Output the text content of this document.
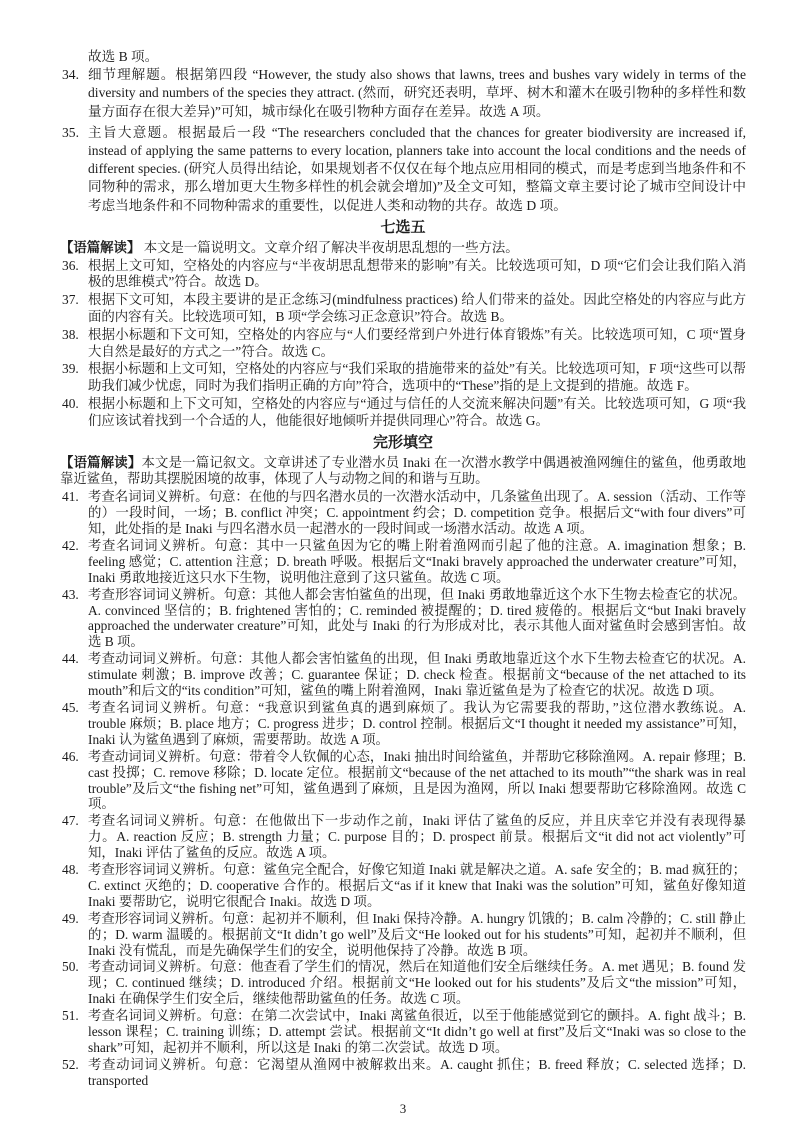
故选 B 项。

34. 细节理解题。根据第四段 “However, the study also shows that lawns, trees and bushes vary widely in terms of the diversity and numbers of the species they attract. (然而，研究还表明，草坪、树木和灌木在吸引物种的多样性和数量方面存在很大差异)”可知，城市绿化在吸引物种方面存在差异。故选 A 项。
35. 主旨大意题。根据最后一段 “The researchers concluded that the chances for greater biodiversity are increased if, instead of applying the same patterns to every location, planners take into account the local conditions and the needs of different species. (研究人员得出结论，如果规划者不仅仅在每个地点应用相同的模式，而是考虑到当地条件和不同物种的需求，那么增加更大生物多样性的机会就会增加)”及全文可知，整篇文章主要讨论了城市空间设计中考虑当地条件和不同物种需求的重要性，以促进人类和动物的共存。故选 D 项。
七选五

【语篇解读】 本文是一篇说明文。文章介绍了解决半夜胡思乱想的一些方法。

36. 根据上文可知，空格处的内容应与“半夜胡思乱想带来的影响”有关。比较选项可知，D 项“它们会让我们陷入消极的思维模式”符合。故选 D。
37. 根据下文可知，本段主要讲的是正念练习(mindfulness practices) 给人们带来的益处。因此空格处的内容应与此方面的内容有关。比较选项可知，B 项“学会练习正念意识”符合。故选 B。
38. 根据小标题和下文可知，空格处的内容应与“人们要经常到户外进行体育锻炼”有关。比较选项可知，C 项“置身大自然是最好的方式之一”符合。故选 C。
39. 根据小标题和上文可知，空格处的内容应与“我们采取的措施带来的益处”有关。比较选项可知，F 项“这些可以帮助我们减少忧虑，同时为我们指明正确的方向”符合，选项中的“These”指的是上文提到的措施。故选 F。
40. 根据小标题和上下文可知，空格处的内容应与“通过与信任的人交流来解决问题”有关。比较选项可知，G 项“我们应该试着找到一个合适的人，他能很好地倾听并提供同理心”符合。故选 G。
完形填空

【语篇解读】本文是一篇记叙文。文章讲述了专业潜水员 Inaki 在一次潜水教学中偶遇被渔网缠住的鲨鱼，他勇敢地靠近鲨鱼，帮助其摆脱困境的故事，体现了人与动物之间的和谐与互助。

41. 考查名词词义辨析。句意：在他的与四名潜水员的一次潜水活动中，几条鲨鱼出现了。A. session（活动、工作等的）一段时间，一场；B. conflict 冲突；C. appointment 约会；D. competition 竞争。根据后文“with four divers”可知，此处指的是 Inaki 与四名潜水员一起潜水的一段时间或一场潜水活动。故选 A 项。
42. 考查名词词义辨析。句意：其中一只鲨鱼因为它的嘴上附着渔网而引起了他的注意。A. imagination 想象；B. feeling 感觉；C. attention 注意；D. breath 呼吸。根据后文“Inaki bravely approached the underwater creature”可知，Inaki 勇敢地接近这只水下生物，说明他注意到了这只鲨鱼。故选 C 项。
43. 考查形容词词义辨析。句意：其他人都会害怕鲨鱼的出现，但 Inaki 勇敢地靠近这个水下生物去检查它的状况。A. convinced 坚信的；B. frightened 害怕的；C. reminded 被提醒的；D. tired 疲倦的。根据后文“but Inaki bravely approached the underwater creature”可知，此处与 Inaki 的行为形成对比，表示其他人面对鲨鱼时会感到害怕。故选 B 项。
44. 考查动词词义辨析。句意：其他人都会害怕鲨鱼的出现，但 Inaki 勇敢地靠近这个水下生物去检查它的状况。A. stimulate 刺激；B. improve 改善；C. guarantee 保证；D. check 检查。根据前文“because of the net attached to its mouth”和后文的“its condition”可知，鲨鱼的嘴上附着渔网，Inaki 靠近鲨鱼是为了检查它的状况。故选 D 项。
45. 考查名词词义辨析。句意：“我意识到鲨鱼真的遇到麻烦了。我认为它需要我的帮助，”这位潜水教练说。A. trouble 麻烦；B. place 地方；C. progress 进步；D. control 控制。根据后文“I thought it needed my assistance”可知，Inaki 认为鲨鱼遇到了麻烦，需要帮助。故选 A 项。
46. 考查动词词义辨析。句意：带着令人钦佩的心态，Inaki 抽出时间给鲨鱼，并帮助它移除渔网。A. repair 修理；B. cast 投掷；C. remove 移除；D. locate 定位。根据前文“because of the net attached to its mouth”“the shark was in real trouble”及后文“the fishing net”可知，鲨鱼遇到了麻烦，且是因为渔网，所以 Inaki 想要帮助它移除渔网。故选 C 项。
47. 考查名词词义辨析。句意：在他做出下一步动作之前，Inaki 评估了鲨鱼的反应，并且庆幸它并没有表现得暴力。A. reaction 反应；B. strength 力量；C. purpose 目的；D. prospect 前景。根据后文“it did not act violently”可知，Inaki 评估了鲨鱼的反应。故选 A 项。
48. 考查形容词词义辨析。句意：鲨鱼完全配合，好像它知道 Inaki 就是解决之道。A. safe 安全的；B. mad 疯狂的；C. extinct 灭绝的；D. cooperative 合作的。根据后文“as if it knew that Inaki was the solution”可知，鲨鱼好像知道 Inaki 要帮助它，说明它很配合 Inaki。故选 D 项。
49. 考查形容词词义辨析。句意：起初并不顺利，但 Inaki 保持冷静。A. hungry 饥饿的；B. calm 冷静的；C. still 静止的；D. warm 温暖的。根据前文“It didn’t go well”及后文“He looked out for his students”可知，起初并不顺利，但 Inaki 没有慌乱，而是先确保学生们的安全，说明他保持了冷静。故选 B 项。
50. 考查动词词义辨析。句意：他查看了学生们的情况，然后在知道他们安全后继续任务。A. met 遇见；B. found 发现；C. continued 继续；D. introduced 介绍。根据前文“He looked out for his students”及后文“the mission”可知，Inaki 在确保学生们安全后，继续他帮助鲨鱼的任务。故选 C 项。
51. 考查名词词义辨析。句意：在第二次尝试中，Inaki 离鲨鱼很近，以至于他能感觉到它的颤抖。A. fight 战斗；B. lesson 课程；C. training 训练；D. attempt 尝试。根据前文“It didn’t go well at first”及后文“Inaki was so close to the shark”可知，起初并不顺利，所以这是 Inaki 的第二次尝试。故选 D 项。
52. 考查动词词义辨析。句意：它渴望从渔网中被解救出来。A. caught 抓住；B. freed 释放；C. selected 选择；D. transported
3
